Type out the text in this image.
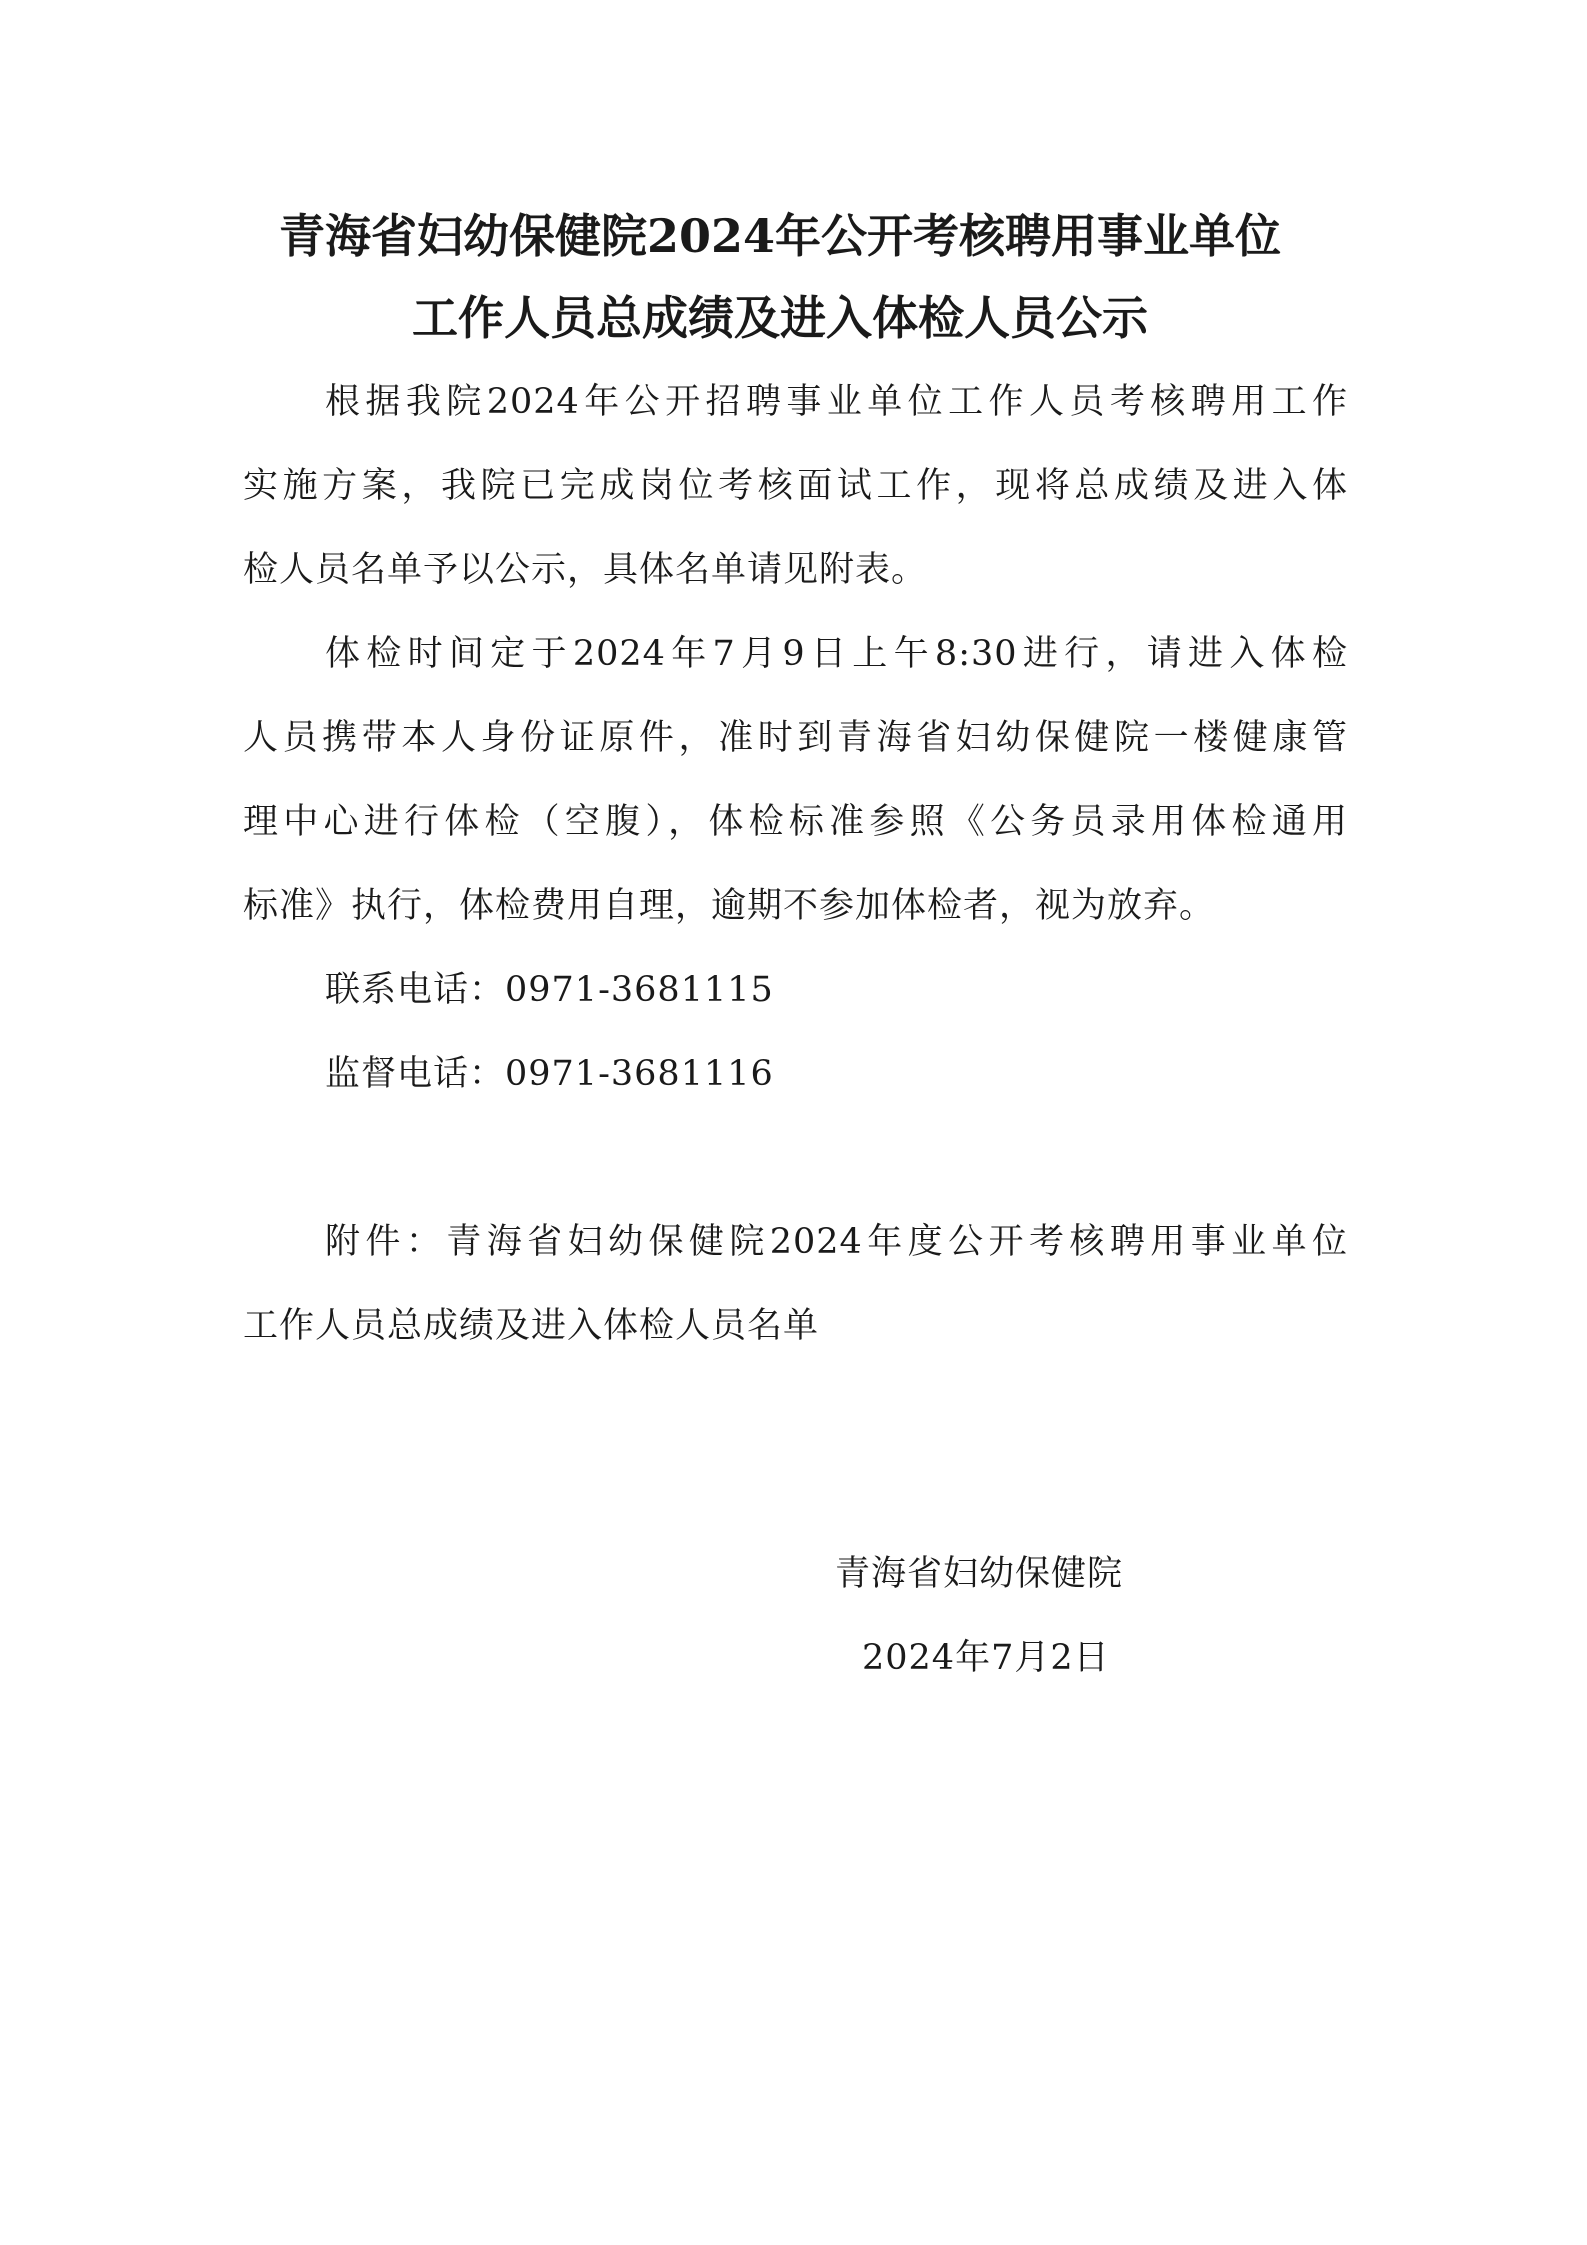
青海省妇幼保健院2024年公开考核聘用事业单位
工作人员总成绩及进入体检人员公示
根据我院2024年公开招聘事业单位工作人员考核聘用工作
实施方案，我院已完成岗位考核面试工作，现将总成绩及进入体
检人员名单予以公示，具体名单请见附表。
体检时间定于2024年7月9日上午8:30进行，请进入体检
人员携带本人身份证原件，准时到青海省妇幼保健院一楼健康管
理中心进行体检（空腹），体检标准参照《公务员录用体检通用
标准》执行，体检费用自理，逾期不参加体检者，视为放弃。
联系电话：0971-3681115
监督电话：0971-3681116
附件：青海省妇幼保健院2024年度公开考核聘用事业单位
工作人员总成绩及进入体检人员名单
青海省妇幼保健院
2024年7月2日
